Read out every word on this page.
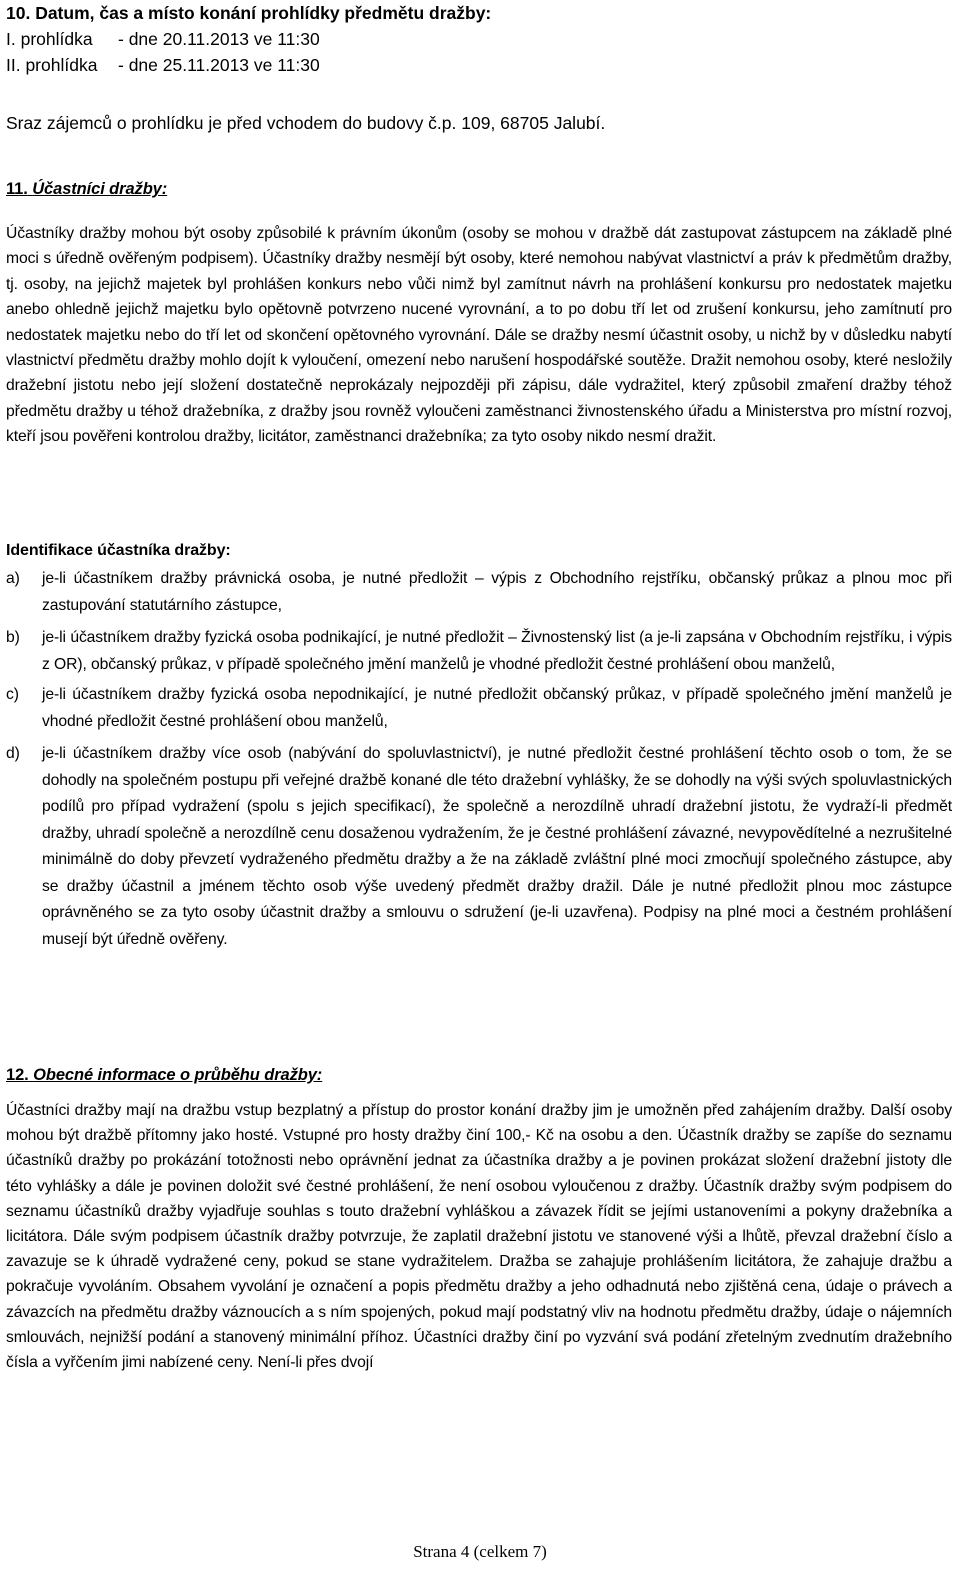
10. Datum, čas a místo konání prohlídky předmětu dražby:
I. prohlídka - dne 20.11.2013 ve 11:30
II. prohlídka - dne 25.11.2013 ve 11:30
Sraz zájemců o prohlídku je před vchodem do budovy č.p. 109, 68705 Jalubí.
11. Účastníci dražby:
Účastníky dražby mohou být osoby způsobilé k právním úkonům (osoby se mohou v dražbě dát zastupovat zástupcem na základě plné moci s úředně ověřeným podpisem). Účastníky dražby nesmějí být osoby, které nemohou nabývat vlastnictví a práv k předmětům dražby, tj. osoby, na jejichž majetek byl prohlášen konkurs nebo vůči nimž byl zamítnut návrh na prohlášení konkursu pro nedostatek majetku anebo ohledně jejichž majetku bylo opětovně potvrzeno nucené vyrovnání, a to po dobu tří let od zrušení konkursu, jeho zamítnutí pro nedostatek majetku nebo do tří let od skončení opětovného vyrovnání. Dále se dražby nesmí účastnit osoby, u nichž by v důsledku nabytí vlastnictví předmětu dražby mohlo dojít k vyloučení, omezení nebo narušení hospodářské soutěže. Dražit nemohou osoby, které nesložily dražební jistotu nebo její složení dostatečně neprokázaly nejpozději při zápisu, dále vydražitel, který způsobil zmaření dražby téhož předmětu dražby u téhož dražebníka, z dražby jsou rovněž vyloučeni zaměstnanci živnostenského úřadu a Ministerstva pro místní rozvoj, kteří jsou pověřeni kontrolou dražby, licitátor, zaměstnanci dražebníka; za tyto osoby nikdo nesmí dražit.
Identifikace účastníka dražby:
a) je-li účastníkem dražby právnická osoba, je nutné předložit – výpis z Obchodního rejstříku, občanský průkaz a plnou moc při zastupování statutárního zástupce,
b) je-li účastníkem dražby fyzická osoba podnikající, je nutné předložit – Živnostenský list (a je-li zapsána v Obchodním rejstříku, i výpis z OR), občanský průkaz, v případě společného jmění manželů je vhodné předložit čestné prohlášení obou manželů,
c) je-li účastníkem dražby fyzická osoba nepodnikající, je nutné předložit občanský průkaz, v případě společného jmění manželů je vhodné předložit čestné prohlášení obou manželů,
d) je-li účastníkem dražby více osob (nabývání do spoluvlastnictví), je nutné předložit čestné prohlášení těchto osob o tom, že se dohodly na společném postupu při veřejné dražbě konané dle této dražební vyhlášky, že se dohodly na výši svých spoluvlastnických podílů pro případ vydražení (spolu s jejich specifikací), že společně a nerozdílně uhradí dražební jistotu, že vydraží-li předmět dražby, uhradí společně a nerozdílně cenu dosaženou vydražením, že je čestné prohlášení závazné, nevypovědítelné a nezrušitelné minimálně do doby převzetí vydraženého předmětu dražby a že na základě zvláštní plné moci zmocňují společného zástupce, aby se dražby účastnil a jménem těchto osob výše uvedený předmět dražby dražil. Dále je nutné předložit plnou moc zástupce oprávněného se za tyto osoby účastnit dražby a smlouvu o sdružení (je-li uzavřena). Podpisy na plné moci a čestném prohlášení musejí být úředně ověřeny.
12. Obecné informace o průběhu dražby:
Účastníci dražby mají na dražbu vstup bezplatný a přístup do prostor konání dražby jim je umožněn před zahájením dražby. Další osoby mohou být dražbě přítomny jako hosté. Vstupné pro hosty dražby činí 100,- Kč na osobu a den. Účastník dražby se zapíše do seznamu účastníků dražby po prokázání totožnosti nebo oprávnění jednat za účastníka dražby a je povinen prokázat složení dražební jistoty dle této vyhlášky a dále je povinen doložit své čestné prohlášení, že není osobou vyloučenou z dražby. Účastník dražby svým podpisem do seznamu účastníků dražby vyjadřuje souhlas s touto dražební vyhláškou a závazek řídit se jejími ustanoveními a pokyny dražebníka a licitátora. Dále svým podpisem účastník dražby potvrzuje, že zaplatil dražební jistotu ve stanovené výši a lhůtě, převzal dražební číslo a zavazuje se k úhradě vydražené ceny, pokud se stane vydražitelem. Dražba se zahajuje prohlášením licitátora, že zahajuje dražbu a pokračuje vyvoláním. Obsahem vyvolání je označení a popis předmětu dražby a jeho odhadnutá nebo zjištěná cena, údaje o právech a závazcích na předmětu dražby váznoucích a s ním spojených, pokud mají podstatný vliv na hodnotu předmětu dražby, údaje o nájemních smlouvách, nejnižší podání a stanovený minimální příhoz. Účastníci dražby činí po vyzvání svá podání zřetelným zvednutím dražebního čísla a vyřčením jimi nabízené ceny. Není-li přes dvojí
Strana 4 (celkem 7)
